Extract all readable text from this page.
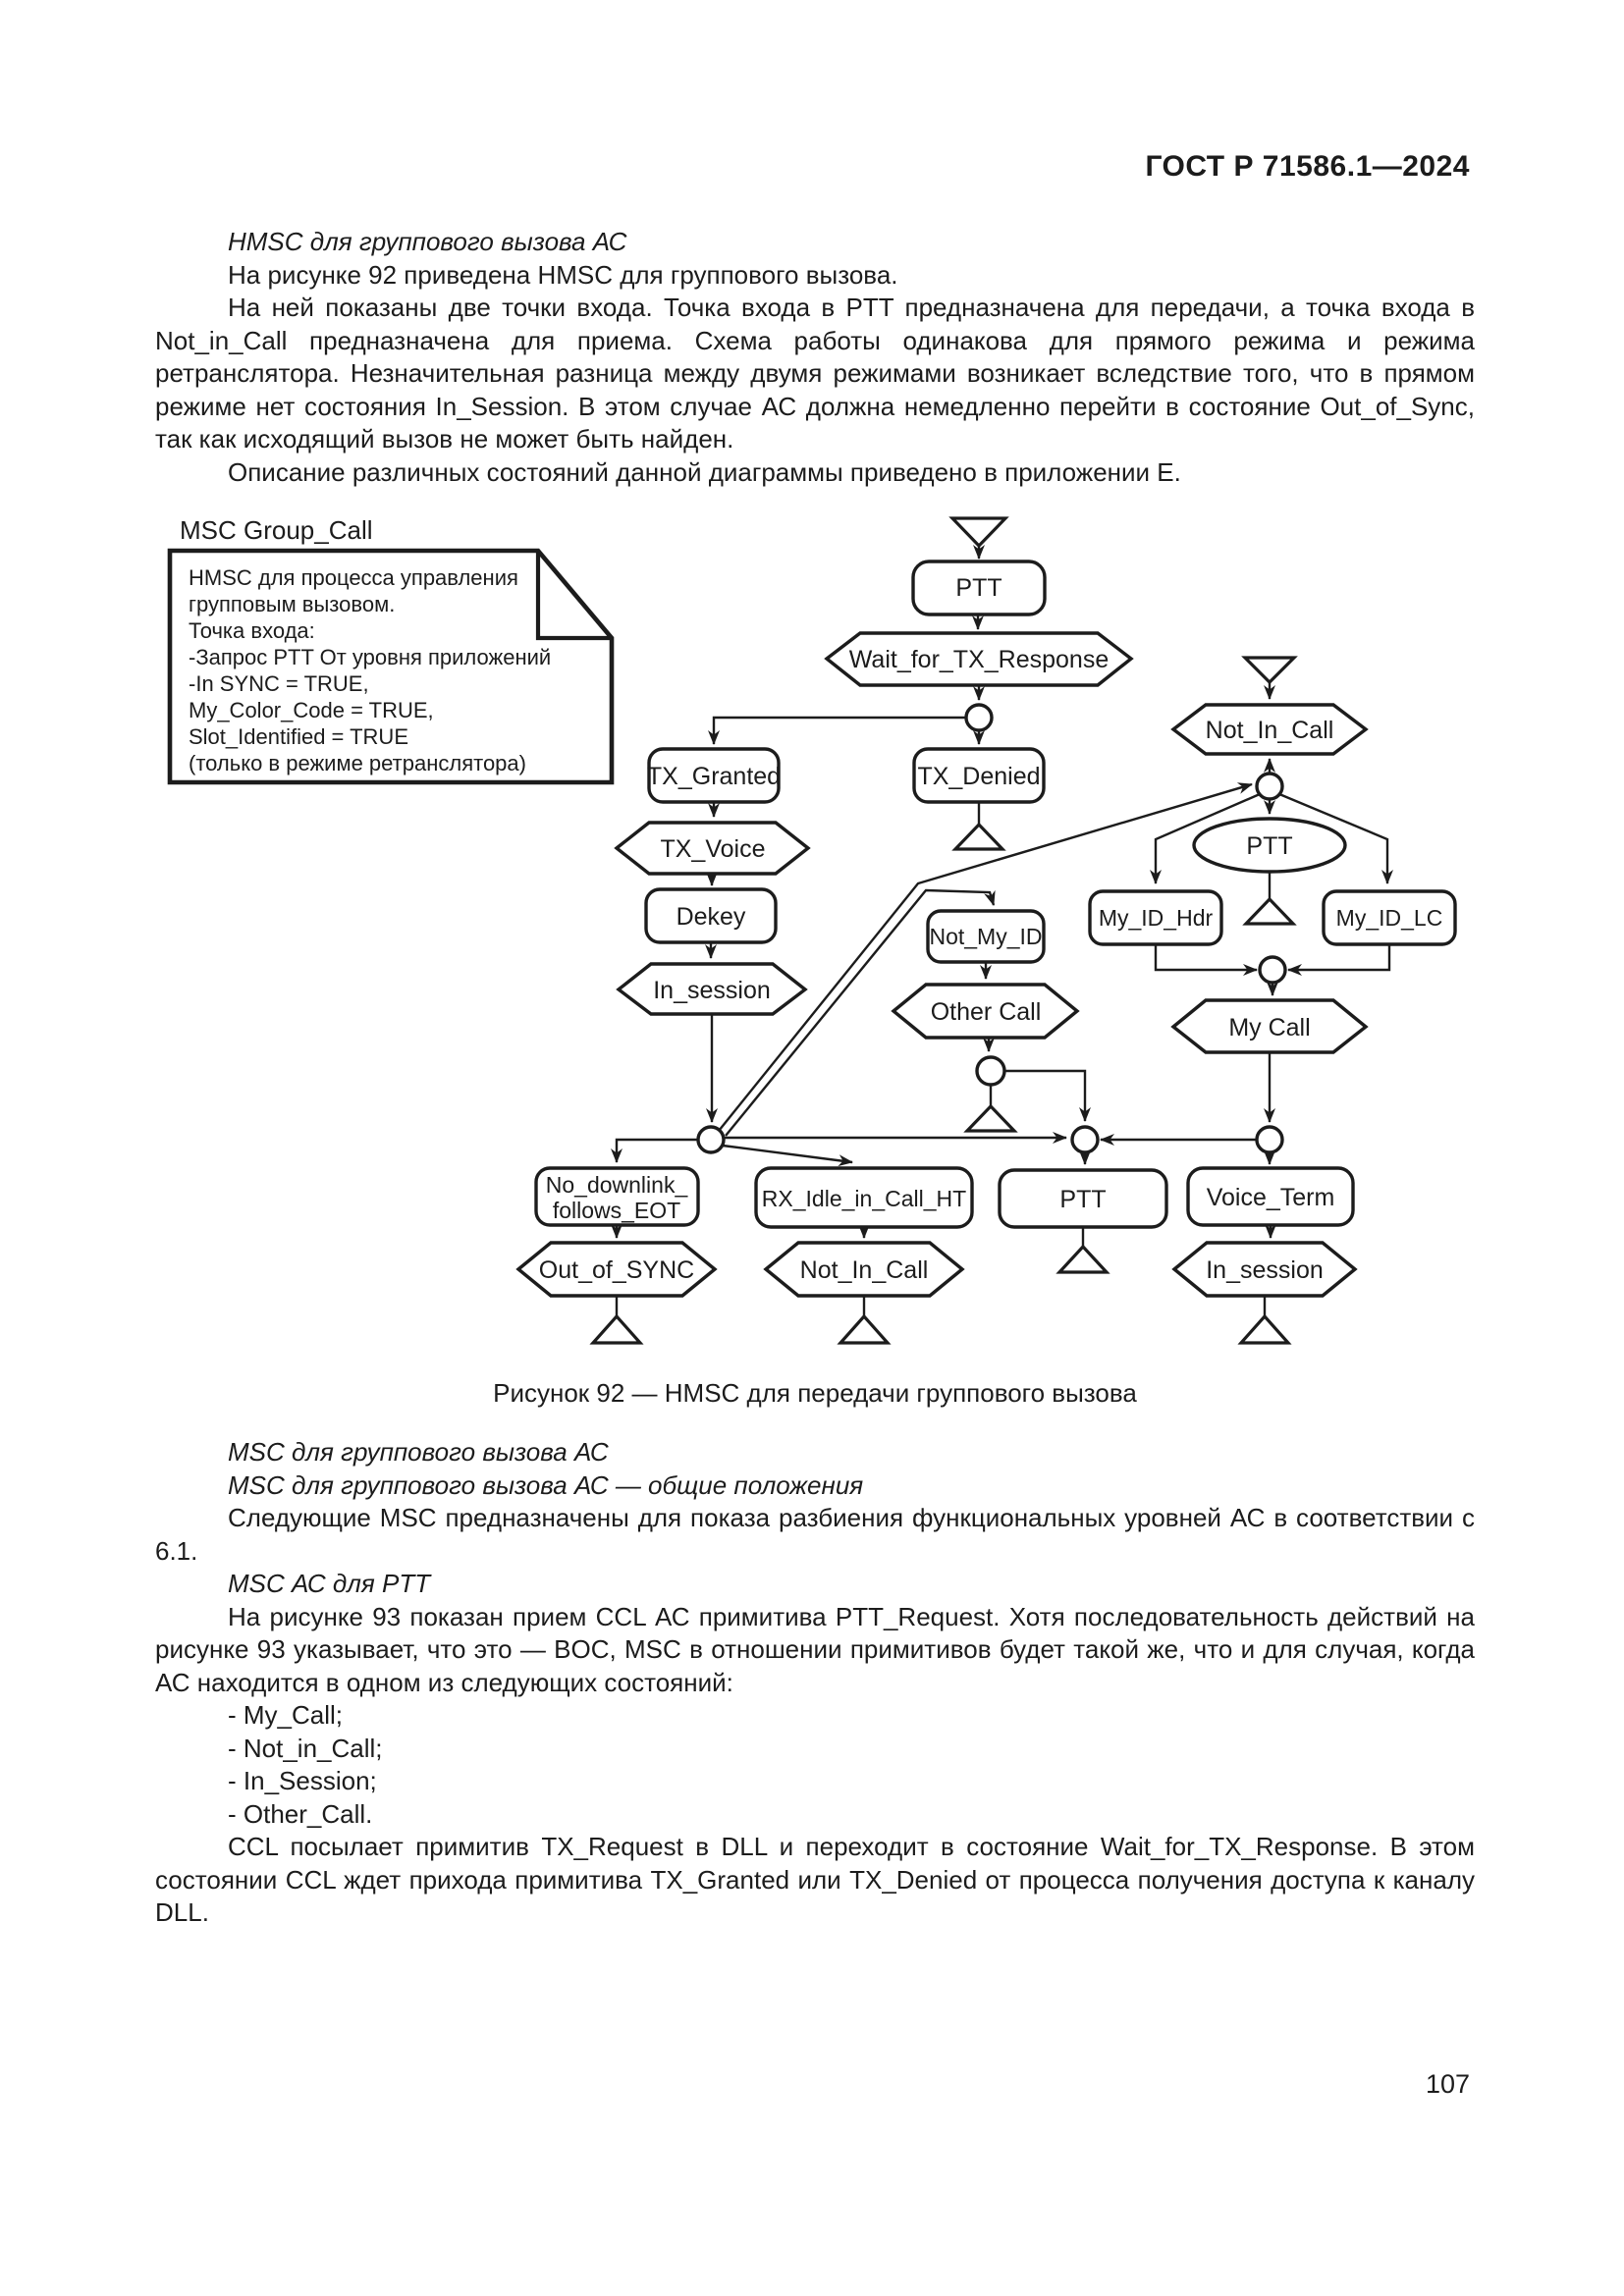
ГОСТ Р 71586.1—2024

HMSC для группового вызова АС

На рисунке 92 приведена HMSC для группового вызова.

На ней показаны две точки входа. Точка входа в PTT предназначена для передачи, а точка входа в Not_in_Call предназначена для приема. Схема работы одинакова для прямого режима и режима ретранслятора. Незначительная разница между двумя режимами возникает вследствие того, что в прямом режиме нет состояния In_Session. В этом случае АС должна немедленно перейти в состояние Out_of_Sync, так как исходящий вызов не может быть найден.

Описание различных состояний данной диаграммы приведено в приложении Е.

MSC Group_Call
HMSC для процесса управления
групповым вызовом.
Точка входа:
-Запрос PTT От уровня приложений
-In SYNC = TRUE,
My_Color_Code = TRUE,
Slot_Identified = TRUE
(только в режиме ретранслятора)
PTT
Wait_for_TX_Response
TX_Granted	TX_Denied
TX_Voice
Dekey
In_session
No_downlink_
follows_EOT
Out_of_SYNC
RX_Idle_in_Call_HT
Not_In_Call
PTT
Not_My_ID
Other Call
Not_In_Call
PTT
My_ID_Hdr	My_ID_LC
My Call
Voice_Term
In_session
Рисунок 92 — HMSC для передачи группового вызова

MSC для группового вызова АС

MSC для группового вызова АС — общие положения

Следующие MSC предназначены для показа разбиения функциональных уровней АС в соответствии с 6.1.

MSC АС для PTT

На рисунке 93 показан прием CCL АС примитива PTT_Request. Хотя последовательность действий на рисунке 93 указывает, что это — BOC, MSC в отношении примитивов будет такой же, что и для случая, когда АС находится в одном из следующих состояний:

- My_Call;

- Not_in_Call;

- In_Session;

- Other_Call.

CCL посылает примитив TX_Request в DLL и переходит в состояние Wait_for_TX_Response. В этом состоянии CCL ждет прихода примитива TX_Granted или TX_Denied от процесса получения доступа к каналу DLL.

107
